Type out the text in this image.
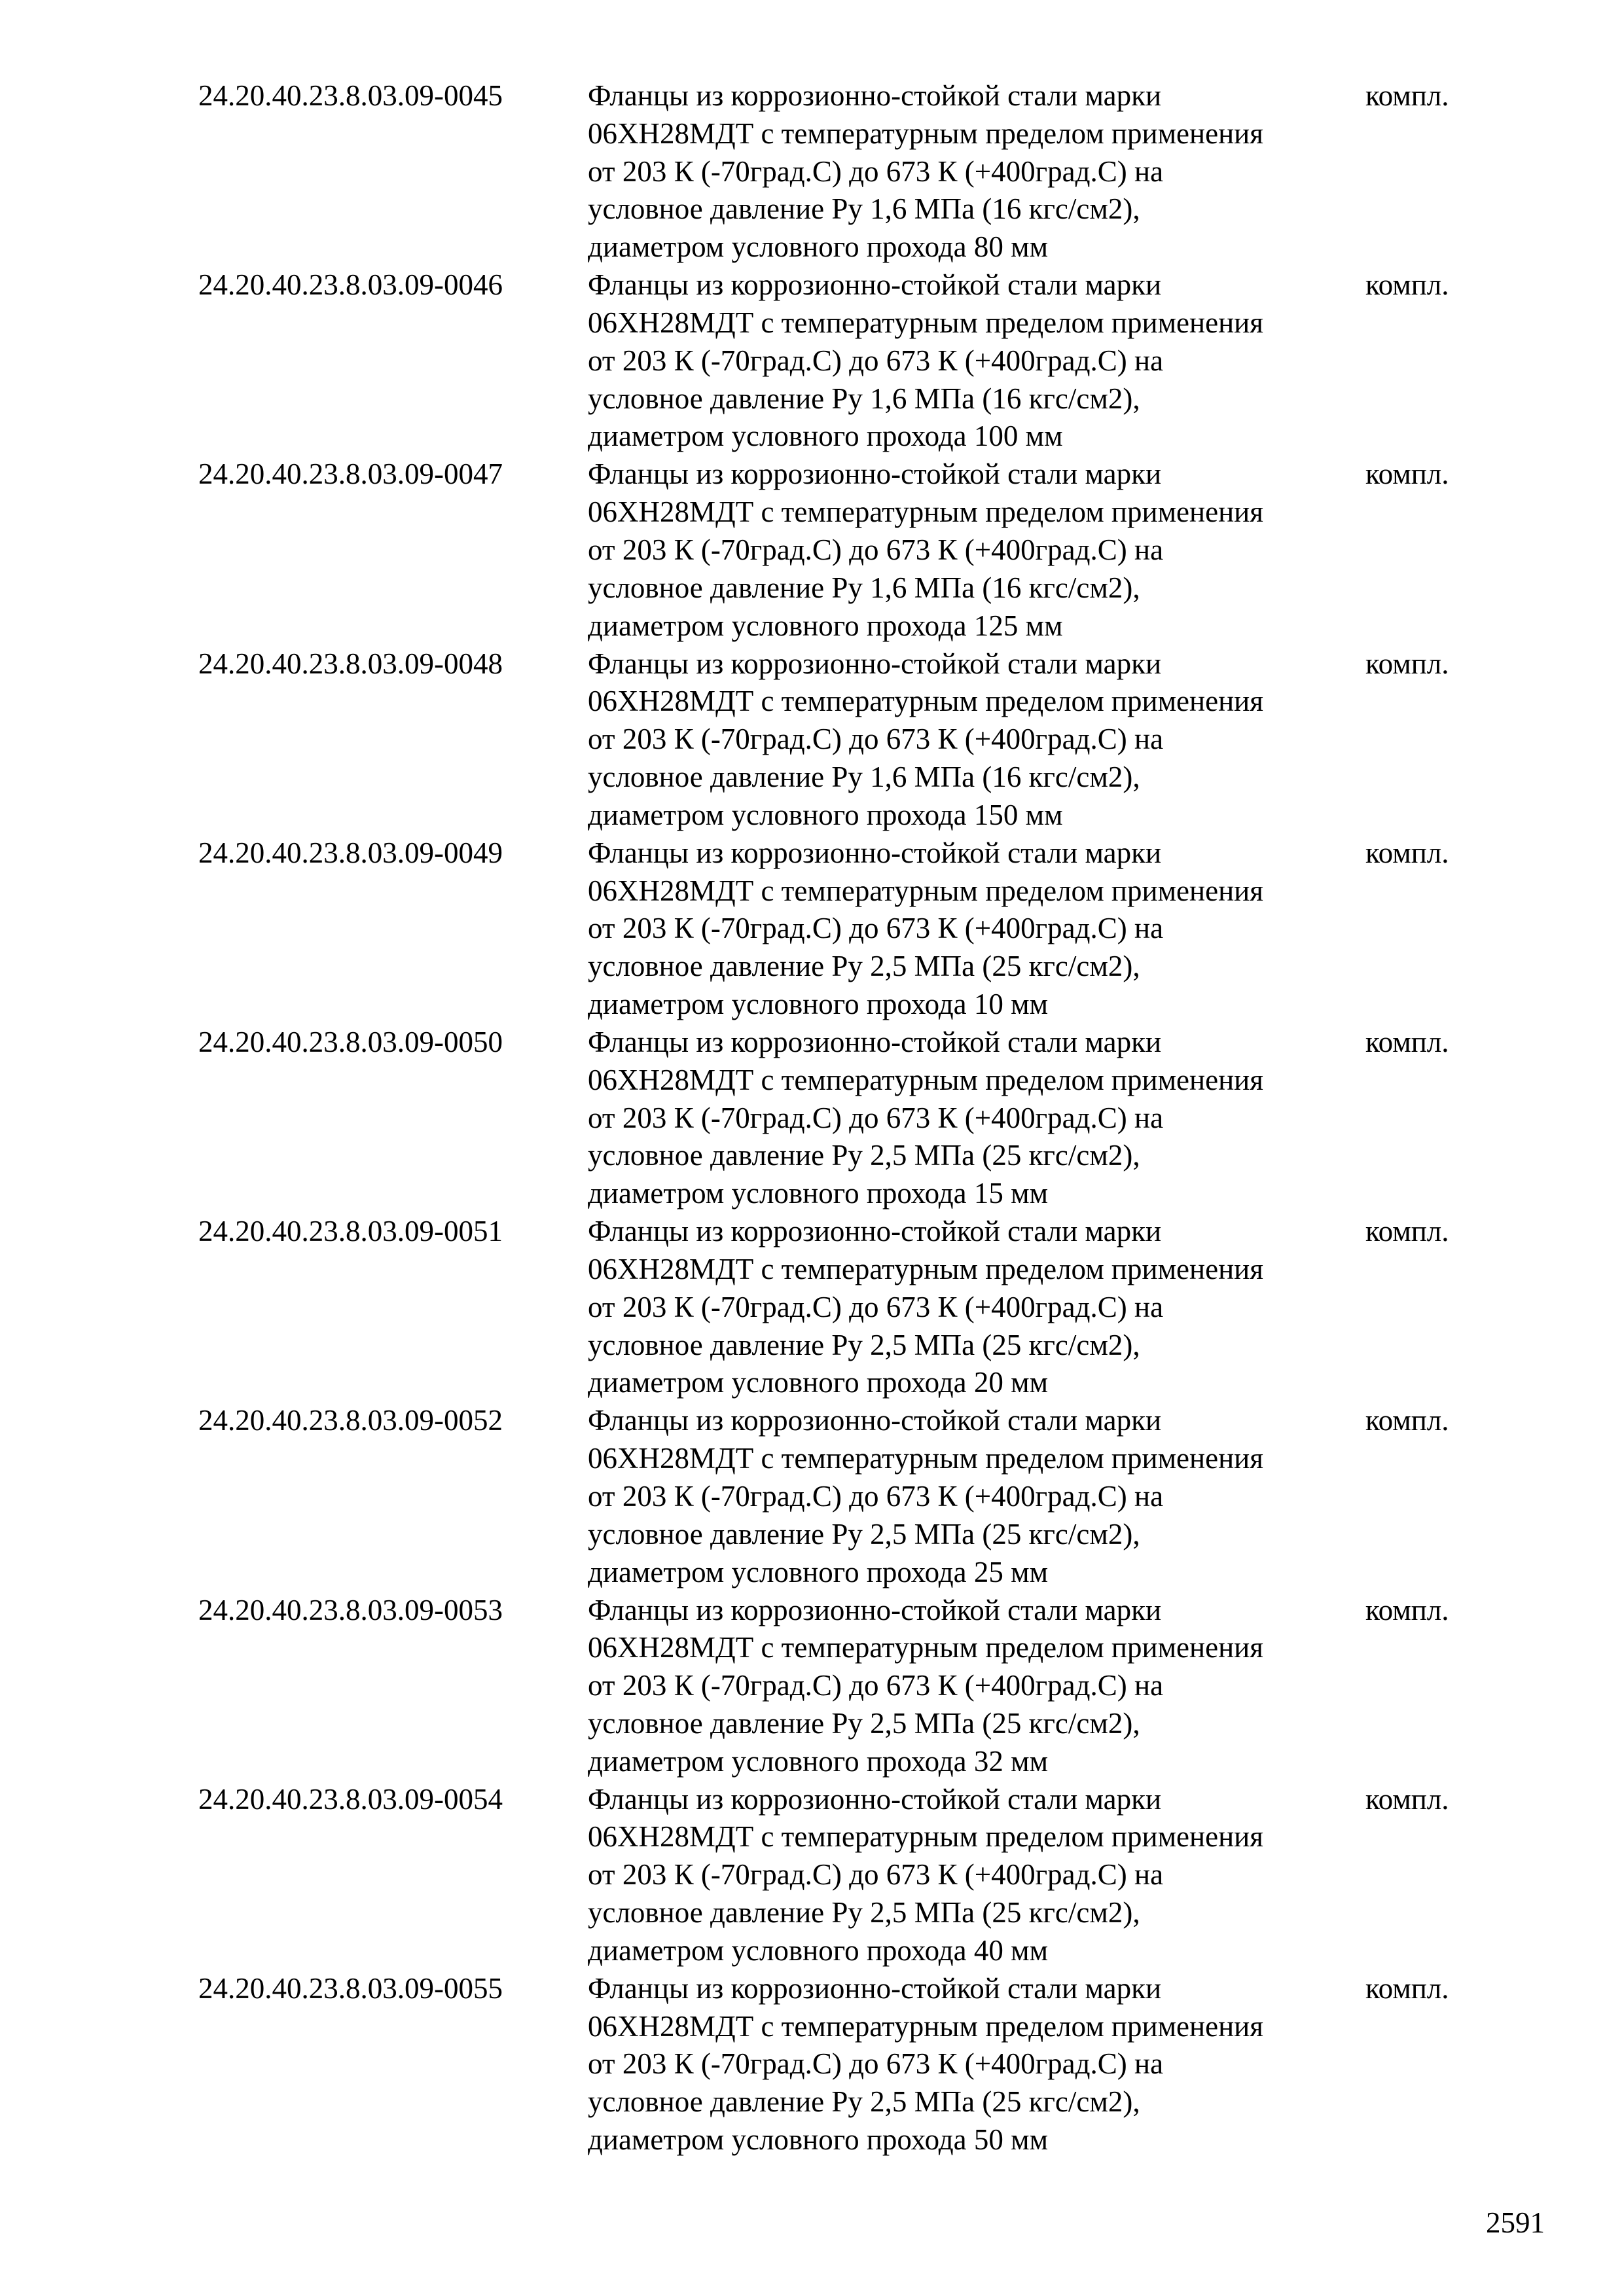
24.20.40.23.8.03.09-0045	Фланцы из коррозионно-стойкой стали марки
06ХН28МДТ с температурным пределом применения
от 203 К (-70град.С) до 673 К (+400град.С) на
условное давление Ру 1,6 МПа (16 кгс/см2),
диаметром условного прохода 80 мм
компл.
24.20.40.23.8.03.09-0046	Фланцы из коррозионно-стойкой стали марки
06ХН28МДТ с температурным пределом применения
от 203 К (-70град.С) до 673 К (+400град.С) на
условное давление Ру 1,6 МПа (16 кгс/см2),
диаметром условного прохода 100 мм
компл.
24.20.40.23.8.03.09-0047	Фланцы из коррозионно-стойкой стали марки
06ХН28МДТ с температурным пределом применения
от 203 К (-70град.С) до 673 К (+400град.С) на
условное давление Ру 1,6 МПа (16 кгс/см2),
диаметром условного прохода 125 мм
компл.
24.20.40.23.8.03.09-0048	Фланцы из коррозионно-стойкой стали марки
06ХН28МДТ с температурным пределом применения
от 203 К (-70град.С) до 673 К (+400град.С) на
условное давление Ру 1,6 МПа (16 кгс/см2),
диаметром условного прохода 150 мм
компл.
24.20.40.23.8.03.09-0049	Фланцы из коррозионно-стойкой стали марки
06ХН28МДТ с температурным пределом применения
от 203 К (-70град.С) до 673 К (+400град.С) на
условное давление Ру 2,5 МПа (25 кгс/см2),
диаметром условного прохода 10 мм
компл.
24.20.40.23.8.03.09-0050	Фланцы из коррозионно-стойкой стали марки
06ХН28МДТ с температурным пределом применения
от 203 К (-70град.С) до 673 К (+400град.С) на
условное давление Ру 2,5 МПа (25 кгс/см2),
диаметром условного прохода 15 мм
компл.
24.20.40.23.8.03.09-0051	Фланцы из коррозионно-стойкой стали марки
06ХН28МДТ с температурным пределом применения
от 203 К (-70град.С) до 673 К (+400град.С) на
условное давление Ру 2,5 МПа (25 кгс/см2),
диаметром условного прохода 20 мм
компл.
24.20.40.23.8.03.09-0052	Фланцы из коррозионно-стойкой стали марки
06ХН28МДТ с температурным пределом применения
от 203 К (-70град.С) до 673 К (+400град.С) на
условное давление Ру 2,5 МПа (25 кгс/см2),
диаметром условного прохода 25 мм
компл.
24.20.40.23.8.03.09-0053	Фланцы из коррозионно-стойкой стали марки
06ХН28МДТ с температурным пределом применения
от 203 К (-70град.С) до 673 К (+400град.С) на
условное давление Ру 2,5 МПа (25 кгс/см2),
диаметром условного прохода 32 мм
компл.
24.20.40.23.8.03.09-0054	Фланцы из коррозионно-стойкой стали марки
06ХН28МДТ с температурным пределом применения
от 203 К (-70град.С) до 673 К (+400град.С) на
условное давление Ру 2,5 МПа (25 кгс/см2),
диаметром условного прохода 40 мм
компл.
24.20.40.23.8.03.09-0055	Фланцы из коррозионно-стойкой стали марки
06ХН28МДТ с температурным пределом применения
от 203 К (-70град.С) до 673 К (+400град.С) на
условное давление Ру 2,5 МПа (25 кгс/см2),
диаметром условного прохода 50 мм
компл.
2591
